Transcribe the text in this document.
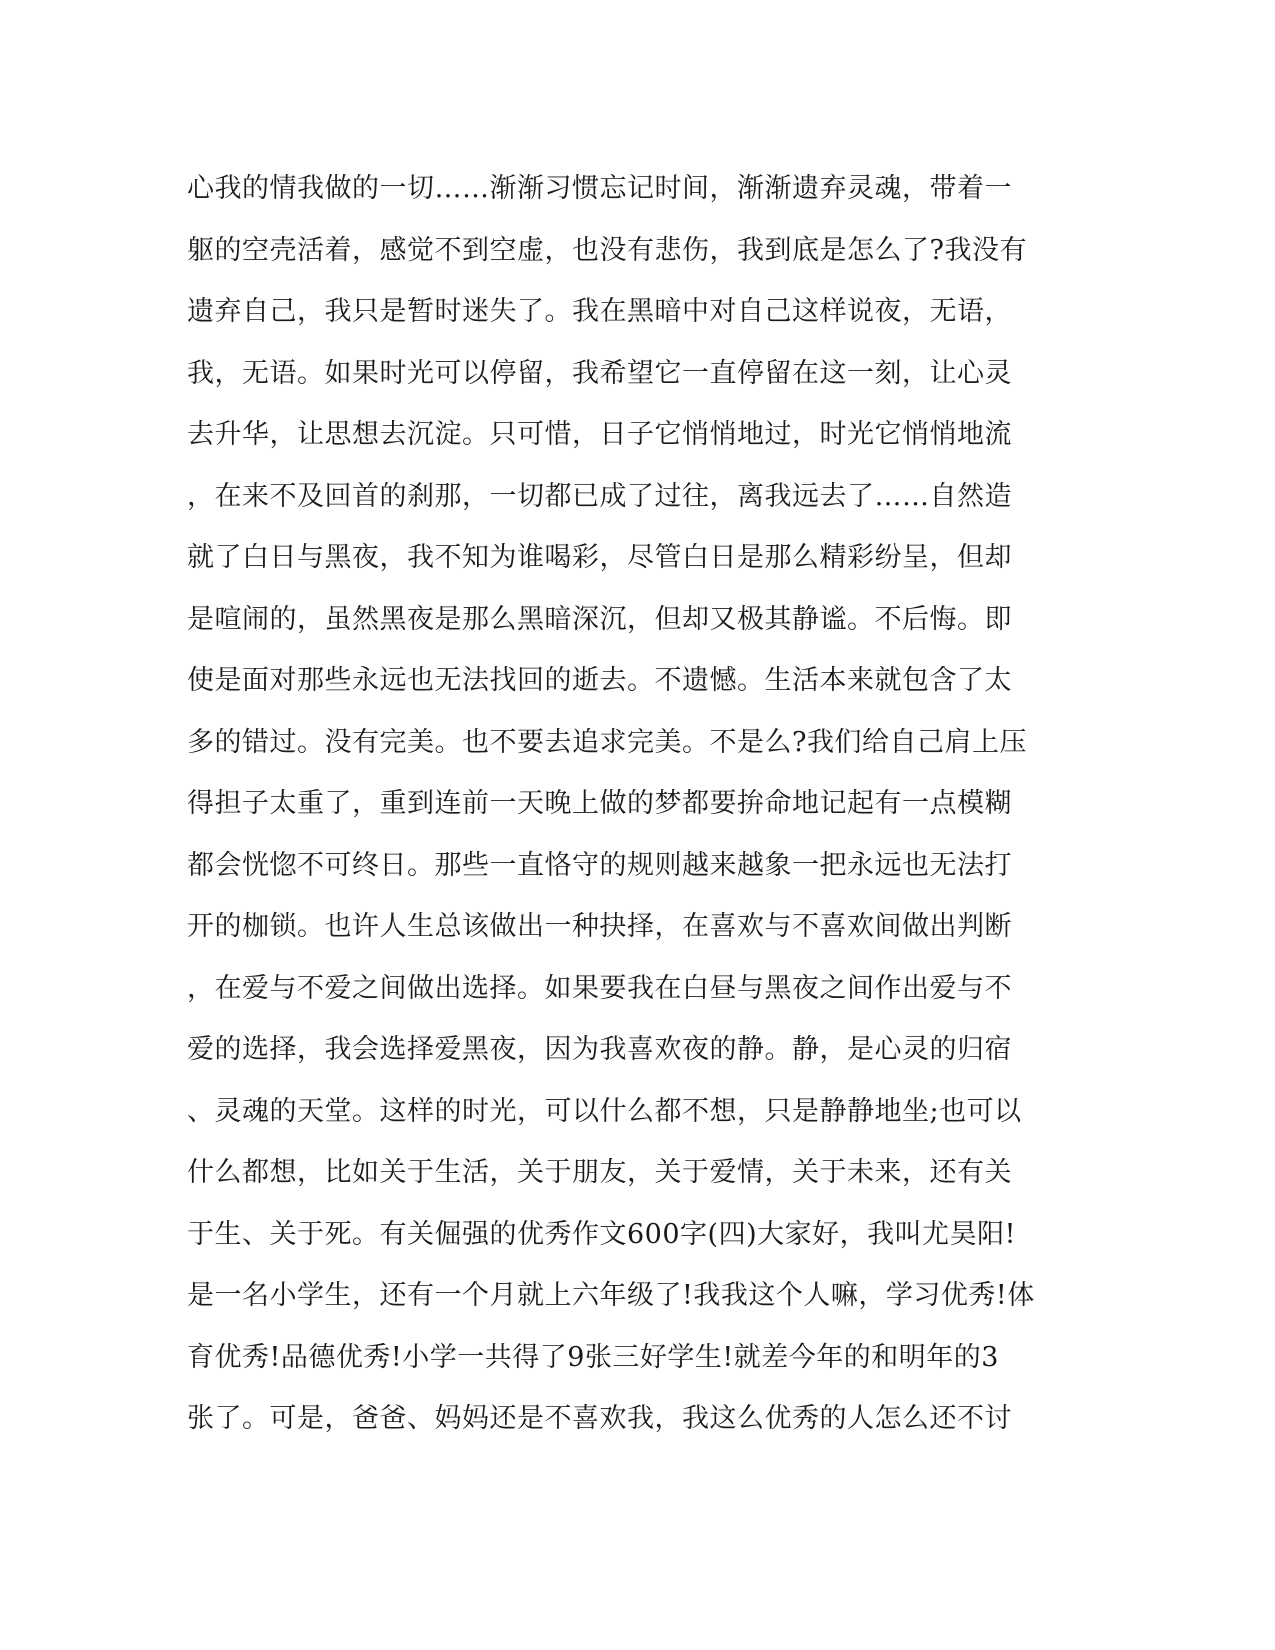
心我的情我做的一切……渐渐习惯忘记时间，渐渐遗弃灵魂，带着一
躯的空壳活着，感觉不到空虚，也没有悲伤，我到底是怎么了?我没有
遗弃自己，我只是暂时迷失了。我在黑暗中对自己这样说夜，无语，
我，无语。如果时光可以停留，我希望它一直停留在这一刻，让心灵
去升华，让思想去沉淀。只可惜，日子它悄悄地过，时光它悄悄地流
，在来不及回首的刹那，一切都已成了过往，离我远去了……自然造
就了白日与黑夜，我不知为谁喝彩，尽管白日是那么精彩纷呈，但却
是喧闹的，虽然黑夜是那么黑暗深沉，但却又极其静谧。不后悔。即
使是面对那些永远也无法找回的逝去。不遗憾。生活本来就包含了太
多的错过。没有完美。也不要去追求完美。不是么?我们给自己肩上压
得担子太重了，重到连前一天晚上做的梦都要拚命地记起有一点模糊
都会恍惚不可终日。那些一直恪守的规则越来越象一把永远也无法打
开的枷锁。也许人生总该做出一种抉择，在喜欢与不喜欢间做出判断
，在爱与不爱之间做出选择。如果要我在白昼与黑夜之间作出爱与不
爱的选择，我会选择爱黑夜，因为我喜欢夜的静。静，是心灵的归宿
、灵魂的天堂。这样的时光，可以什么都不想，只是静静地坐;也可以
什么都想，比如关于生活，关于朋友，关于爱情，关于未来，还有关
于生、关于死。有关倔强的优秀作文600字(四)大家好，我叫尤昊阳!
是一名小学生，还有一个月就上六年级了!我我这个人嘛，学习优秀!体
育优秀!品德优秀!小学一共得了9张三好学生!就差今年的和明年的3
张了。可是，爸爸、妈妈还是不喜欢我，我这么优秀的人怎么还不讨
